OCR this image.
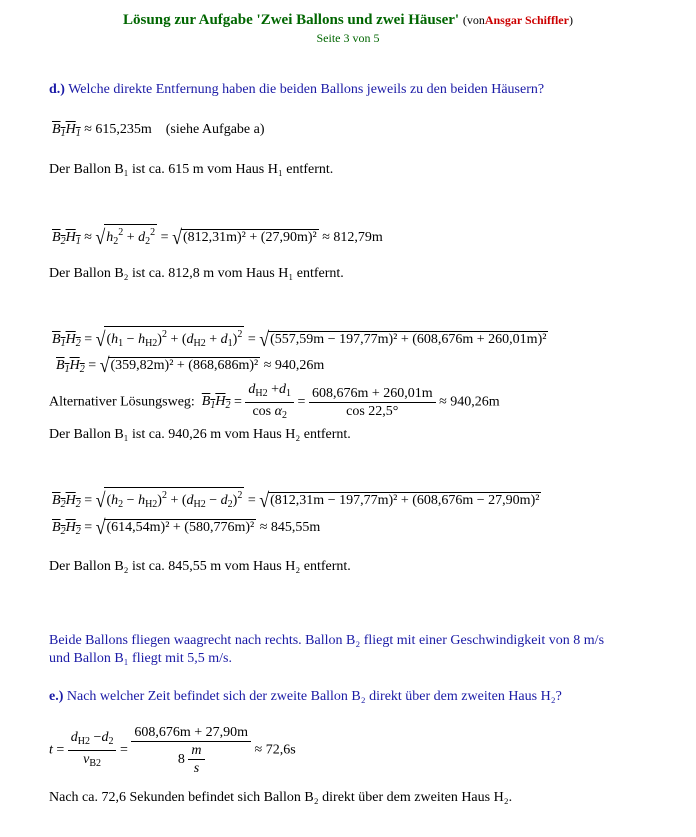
Lösung zur Aufgabe 'Zwei Ballons und zwei Häuser' (vonAnsgar Schiffler)
Seite 3 von 5
d.) Welche direkte Entfernung haben die beiden Ballons jeweils zu den beiden Häusern?
$B_1H_1 \approx 615,235m$ (siehe Aufgabe a)
Der Ballon B₁ ist ca. 615 m vom Haus H₁ entfernt.
$B_2H_1 \approx √h_2^2 + d_2^2 = √(812,31m)^2 + (27,90m)^2 \approx 812,79m$
Der Ballon B₂ ist ca. 812,8 m vom Haus H₁ entfernt.
$B_1H_2 = √(h_1 - h_{H2})^2 + (d_{H2} + d_1)^2 = √(557,59m - 197,77m)^2 + (608,676m + 260,01m)^2$
$B_1H_2 = √(359,82m)^2 + (868,686m)^2 \approx 940,26m$
Alternativer Lösungsweg: $B_1H_2 = \frac{d_{H2} +d_1}{\cos \alpha_2} = \frac{608,676m + 260,01m}{\cos 22,5^\circ} \approx 940,26m$
Der Ballon B₁ ist ca. 940,26 m vom Haus H₂ entfernt.
$B_2H_2 = √(h_2 - h_{H2})^2 + (d_{H2} - d_2)^2 = √(812,31m - 197,77m)^2 + (608,676m - 27,90m)^2$
$B_2H_2 = √(614,54m)^2 + (580,776m)^2 \approx 845,55m$
Der Ballon B₂ ist ca. 845,55 m vom Haus H₂ entfernt.
Beide Ballons fliegen waagrecht nach rechts. Ballon B₂ fliegt mit einer Geschwindigkeit von 8 m/s
und Ballon B₁ fliegt mit 5,5 m/s.
e.) Nach welcher Zeit befindet sich der zweite Ballon B₂ direkt über dem zweiten Haus H₂?
$t = \frac{d_{H2} -d_2}{v_{B2}} = \frac{608,676m + 27,90m}{8 \frac{m}{s}} \approx 72,6s$
Nach ca. 72,6 Sekunden befindet sich Ballon B₂ direkt über dem zweiten Haus H₂.
